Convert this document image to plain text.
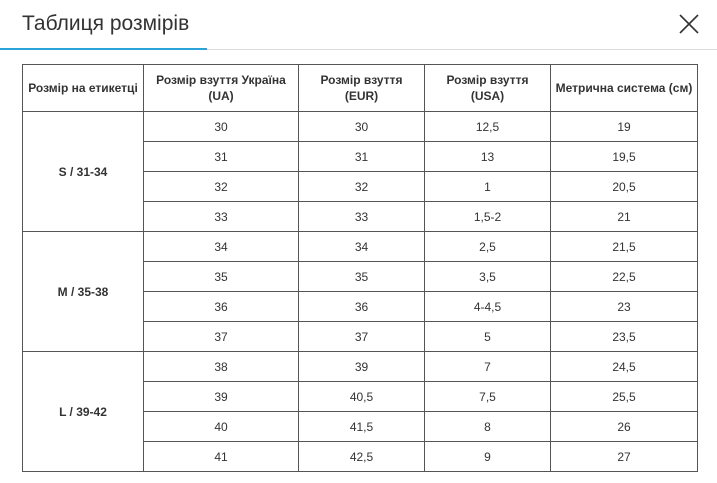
Таблиця розмірів
Розмір на етикетці	Розмір взуття Україна (UA)	Розмір взуття (EUR)	Розмір взуття (USA)	Метрична система (см)
S / 31-34	30	30	12,5	19
	31	31	13	19,5
	32	32	1	20,5
	33	33	1,5-2	21
M / 35-38	34	34	2,5	21,5
	35	35	3,5	22,5
	36	36	4-4,5	23
	37	37	5	23,5
L / 39-42	38	39	7	24,5
	39	40,5	7,5	25,5
	40	41,5	8	26
	41	42,5	9	27
